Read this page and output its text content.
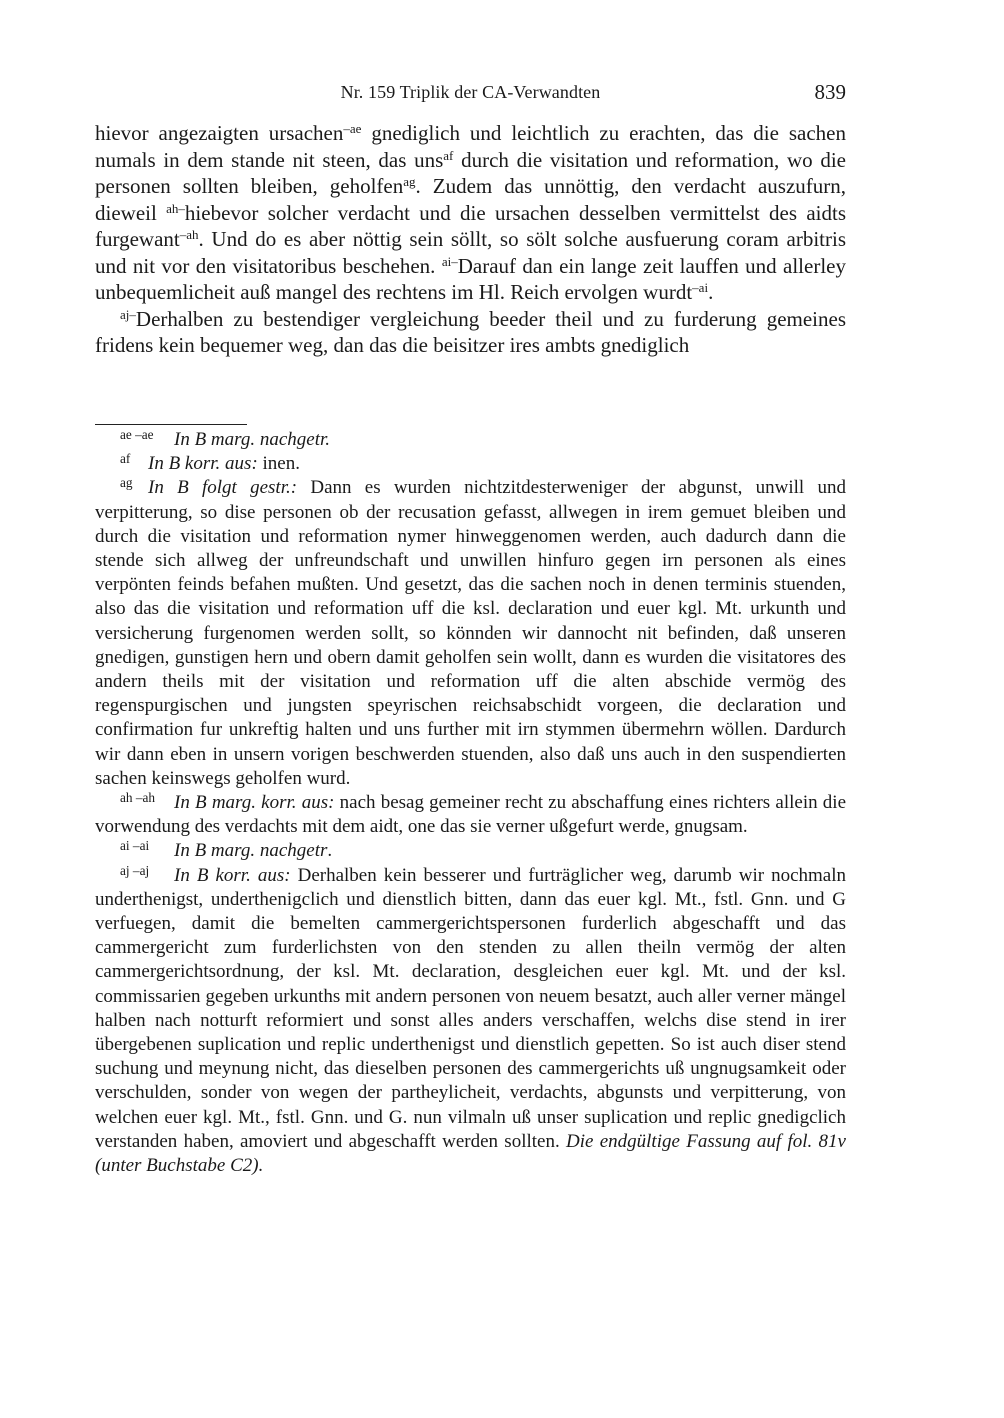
Nr. 159 Triplik der CA-Verwandten	839

hievor angezaigten ursachen$^{-ae}$ gnediglich und leichtlich zu erachten, das die sachen numals in dem stande nit steen, das uns$^{af}$ durch die visitation und reformation, wo die personen sollten bleiben, geholfen$^{ag}$. Zudem das unnöttig, den verdacht auszufurn, dieweil $^{ah-}$hiebevor solcher verdacht und die ursachen desselben vermittelst des aidts furgewant$^{-ah}$. Und do es aber nöttig sein söllt, so sölt solche ausfuerung coram arbitris und nit vor den visitatoribus beschehen. $^{ai-}$Darauf dan ein lange zeit lauffen und allerley unbequemlicheit auß mangel des rechtens im Hl. Reich ervolgen wurdt$^{-ai}$.

$^{aj-}$Derhalben zu bestendiger vergleichung beeder theil und zu furderung gemeines fridens kein bequemer weg, dan das die beisitzer ires ambts gnediglich

ae –ae In B marg. nachgetr.

af In B korr. aus: inen.

ag In B folgt gestr.: Dann es wurden nichtzitdesterweniger der abgunst, unwill und verpitterung, so dise personen ob der recusation gefasst, allwegen in irem gemuet bleiben und durch die visitation und reformation nymer hinweggenomen werden, auch dadurch dann die stende sich allweg der unfreundschaft und unwillen hinfuro gegen irn personen als eines verpönten feinds befahen mußten. Und gesetzt, das die sachen noch in denen terminis stuenden, also das die visitation und reformation uff die ksl. declaration und euer kgl. Mt. urkunth und versicherung furgenomen werden sollt, so könnden wir dannocht nit befinden, daß unseren gnedigen, gunstigen hern und obern damit geholfen sein wollt, dann es wurden die visitatores des andern theils mit der visitation und reformation uff die alten abschide vermög des regenspurgischen und jungsten speyrischen reichsabschidt vorgeen, die declaration und confirmation fur unkreftig halten und uns further mit irn stymmen übermehrn wöllen. Dardurch wir dann eben in unsern vorigen beschwerden stuenden, also daß uns auch in den suspendierten sachen keinswegs geholfen wurd.

ah –ah In B marg. korr. aus: nach besag gemeiner recht zu abschaffung eines richters allein die vorwendung des verdachts mit dem aidt, one das sie verner ußgefurt werde, gnugsam.

ai –ai In B marg. nachgetr.

aj –aj In B korr. aus: Derhalben kein besserer und furträglicher weg, darumb wir nochmaln underthenigst, underthenigclich und dienstlich bitten, dann das euer kgl. Mt., fstl. Gnn. und G verfuegen, damit die bemelten cammergerichtspersonen furderlich abgeschafft und das cammergericht zum furderlichsten von den stenden zu allen theiln vermög der alten cammergerichtsordnung, der ksl. Mt. declaration, desgleichen euer kgl. Mt. und der ksl. commissarien gegeben urkunths mit andern personen von neuem besatzt, auch aller verner mängel halben nach notturft reformiert und sonst alles anders verschaffen, welchs dise stend in irer übergebenen suplication und replic underthenigst und dienstlich gepetten. So ist auch diser stend suchung und meynung nicht, das dieselben personen des cammergerichts uß ungnugsamkeit oder verschulden, sonder von wegen der partheylicheit, verdachts, abgunsts und verpitterung, von welchen euer kgl. Mt., fstl. Gnn. und G. nun vilmaln uß unser suplication und replic gnedigclich verstanden haben, amoviert und abgeschafft werden sollten. Die endgültige Fassung auf fol. 81v (unter Buchstabe C2).
